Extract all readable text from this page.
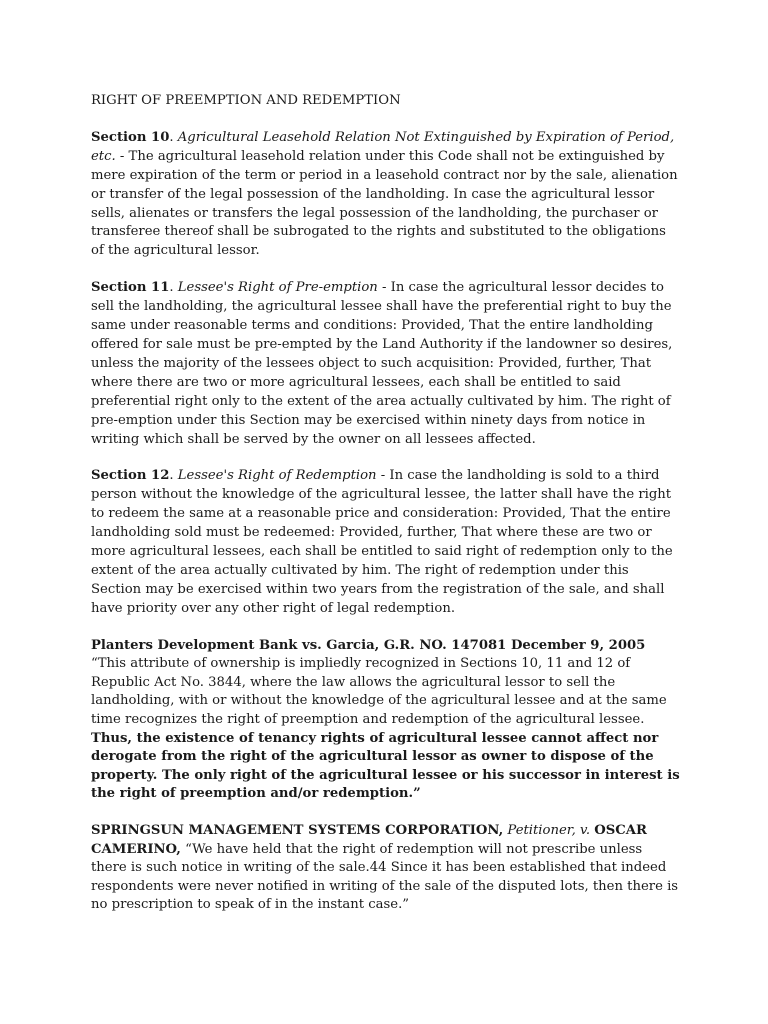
RIGHT OF PREEMPTION AND REDEMPTION

Section 10. Agricultural Leasehold Relation Not Extinguished by Expiration of Period, etc. - The agricultural leasehold relation under this Code shall not be extinguished by mere expiration of the term or period in a leasehold contract nor by the sale, alienation or transfer of the legal possession of the landholding. In case the agricultural lessor sells, alienates or transfers the legal possession of the landholding, the purchaser or transferee thereof shall be subrogated to the rights and substituted to the obligations of the agricultural lessor.

Section 11. Lessee's Right of Pre-emption - In case the agricultural lessor decides to sell the landholding, the agricultural lessee shall have the preferential right to buy the same under reasonable terms and conditions: Provided, That the entire landholding offered for sale must be pre-empted by the Land Authority if the landowner so desires, unless the majority of the lessees object to such acquisition: Provided, further, That where there are two or more agricultural lessees, each shall be entitled to said preferential right only to the extent of the area actually cultivated by him. The right of pre-emption under this Section may be exercised within ninety days from notice in writing which shall be served by the owner on all lessees affected.

Section 12. Lessee's Right of Redemption - In case the landholding is sold to a third person without the knowledge of the agricultural lessee, the latter shall have the right to redeem the same at a reasonable price and consideration: Provided, That the entire landholding sold must be redeemed: Provided, further, That where these are two or more agricultural lessees, each shall be entitled to said right of redemption only to the extent of the area actually cultivated by him. The right of redemption under this Section may be exercised within two years from the registration of the sale, and shall have priority over any other right of legal redemption.

Planters Development Bank vs. Garcia, G.R. NO. 147081 December 9, 2005 “This attribute of ownership is impliedly recognized in Sections 10, 11 and 12 of Republic Act No. 3844, where the law allows the agricultural lessor to sell the landholding, with or without the knowledge of the agricultural lessee and at the same time recognizes the right of preemption and redemption of the agricultural lessee. Thus, the existence of tenancy rights of agricultural lessee cannot affect nor derogate from the right of the agricultural lessor as owner to dispose of the property. The only right of the agricultural lessee or his successor in interest is the right of preemption and/or redemption.”

SPRINGSUN MANAGEMENT SYSTEMS CORPORATION, Petitioner, v. OSCAR CAMERINO, “We have held that the right of redemption will not prescribe unless there is such notice in writing of the sale.44 Since it has been established that indeed respondents were never notified in writing of the sale of the disputed lots, then there is no prescription to speak of in the instant case.”
